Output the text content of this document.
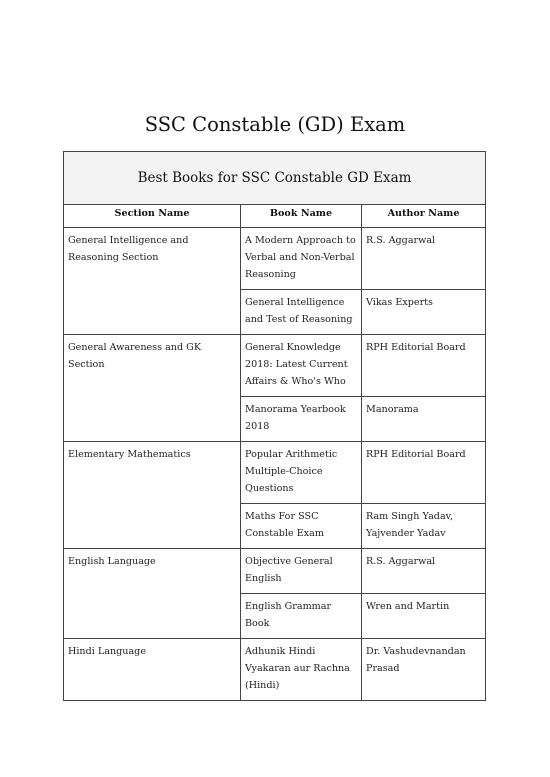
SSC Constable (GD) Exam
Best Books for SSC Constable GD Exam		
Section Name	Book Name	Author Name

General Intelligence and Reasoning Section	A Modern Approach to Verbal and Non-Verbal Reasoning	R.S. Aggarwal

	General Intelligence and Test of Reasoning	Vikas Experts

General Awareness and GK Section	General Knowledge 2018: Latest Current Affairs & Who's Who	RPH Editorial Board

	Manorama Yearbook 2018	Manorama

Elementary Mathematics	Popular Arithmetic Multiple-Choice Questions	RPH Editorial Board

	Maths For SSC Constable Exam	Ram Singh Yadav, Yajvender Yadav

English Language	Objective General English	R.S. Aggarwal

	English Grammar Book	Wren and Martin

Hindi Language	Adhunik Hindi Vyakaran aur Rachna (Hindi)	Dr. Vashudevnandan Prasad
